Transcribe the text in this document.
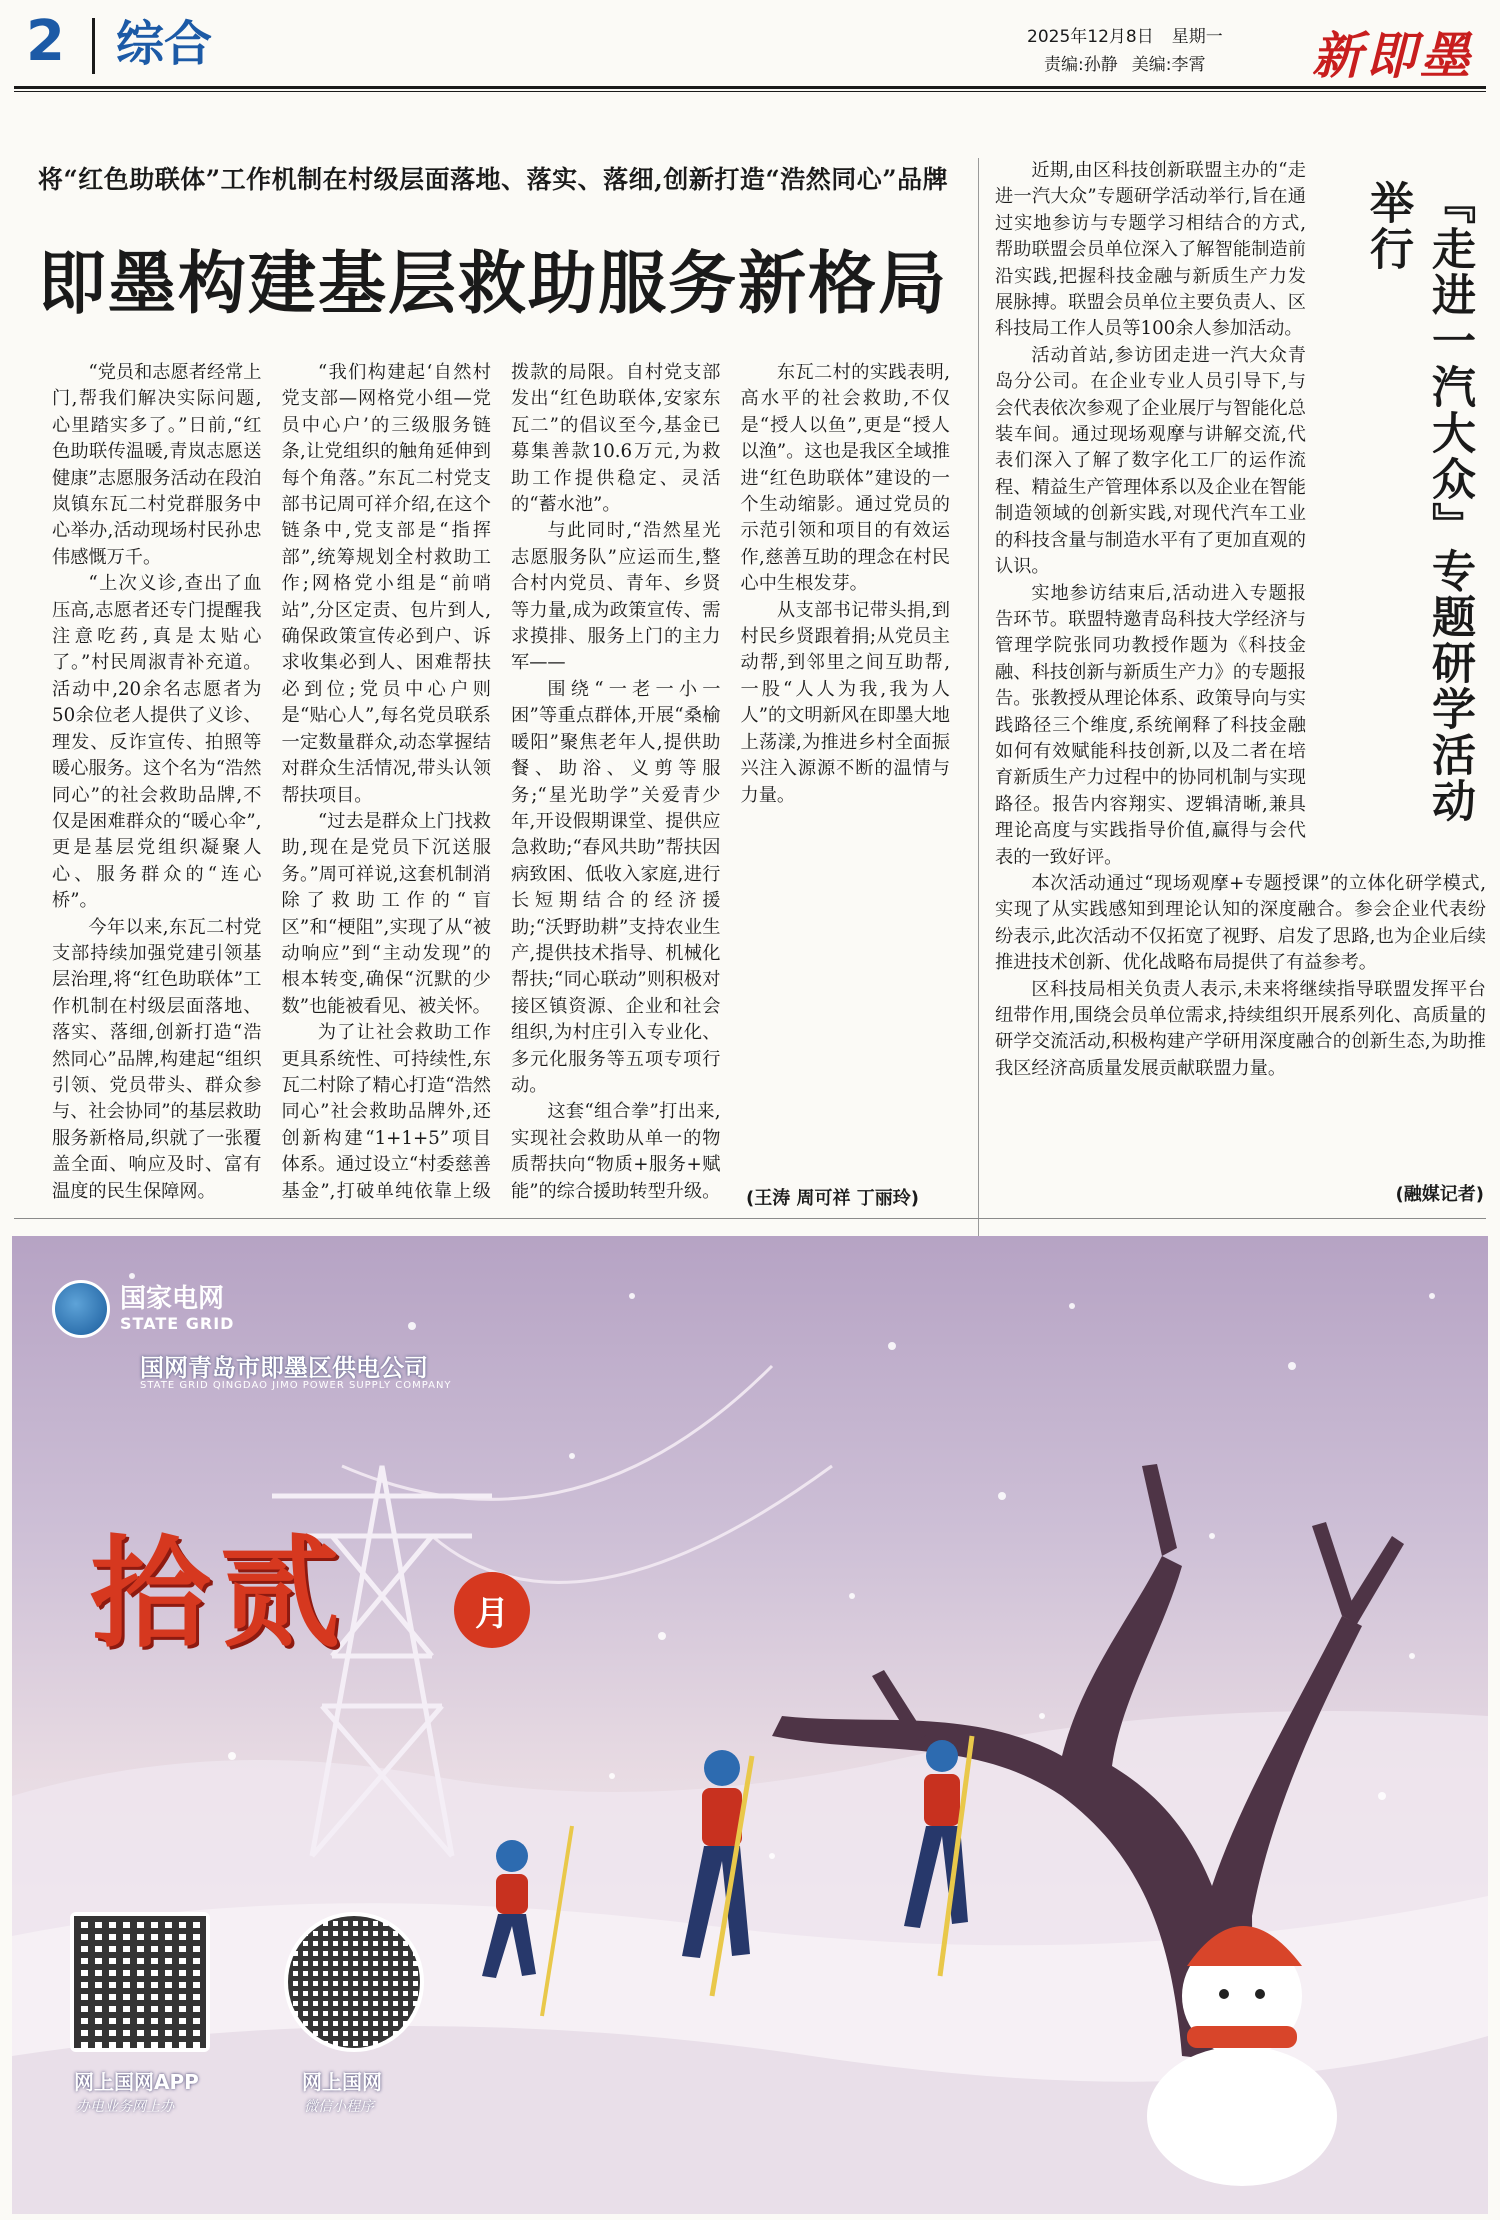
2 综合	2025年12月8日 星期一
责编:孙静 美编:李霄 新即墨
将“红色助联体”工作机制在村级层面落地、落实、落细,创新打造“浩然同心”品牌
即墨构建基层救助服务新格局

“党员和志愿者经常上门,帮我们解决实际问题,心里踏实多了。”日前,“红色助联传温暖,青岚志愿送健康”志愿服务活动在段泊岚镇东瓦二村党群服务中心举办,活动现场村民孙忠伟感慨万千。

“上次义诊,查出了血压高,志愿者还专门提醒我注意吃药,真是太贴心了。”村民周淑青补充道。活动中,20余名志愿者为50余位老人提供了义诊、理发、反诈宣传、拍照等暖心服务。这个名为“浩然同心”的社会救助品牌,不仅是困难群众的“暖心伞”,更是基层党组织凝聚人心、服务群众的“连心桥”。

今年以来,东瓦二村党支部持续加强党建引领基层治理,将“红色助联体”工作机制在村级层面落地、落实、落细,创新打造“浩然同心”品牌,构建起“组织引领、党员带头、群众参与、社会协同”的基层救助服务新格局,织就了一张覆盖全面、响应及时、富有温度的民生保障网。

“我们构建起‘自然村党支部—网格党小组—党员中心户’的三级服务链条,让党组织的触角延伸到每个角落。”东瓦二村党支部书记周可祥介绍,在这个链条中,党支部是“指挥部”,统筹规划全村救助工作;网格党小组是“前哨站”,分区定责、包片到人,确保政策宣传必到户、诉求收集必到人、困难帮扶必到位;党员中心户则是“贴心人”,每名党员联系一定数量群众,动态掌握结对群众生活情况,带头认领帮扶项目。

“过去是群众上门找救助,现在是党员下沉送服务。”周可祥说,这套机制消除了救助工作的“盲区”和“梗阻”,实现了从“被动响应”到“主动发现”的根本转变,确保“沉默的少数”也能被看见、被关怀。

为了让社会救助工作更具系统性、可持续性,东瓦二村除了精心打造“浩然同心”社会救助品牌外,还创新构建“1+1+5”项目体系。通过设立“村委慈善基金”,打破单纯依靠上级拨款的局限。自村党支部发出“红色助联体,安家东瓦二”的倡议至今,基金已募集善款10.6万元,为救助工作提供稳定、灵活的“蓄水池”。

与此同时,“浩然星光志愿服务队”应运而生,整合村内党员、青年、乡贤等力量,成为政策宣传、需求摸排、服务上门的主力军——

围绕“一老一小一困”等重点群体,开展“桑榆暖阳”聚焦老年人,提供助餐、助浴、义剪等服务;“星光助学”关爱青少年,开设假期课堂、提供应急救助;“春风共助”帮扶因病致困、低收入家庭,进行长短期结合的经济援助;“沃野助耕”支持农业生产,提供技术指导、机械化帮扶;“同心联动”则积极对接区镇资源、企业和社会组织,为村庄引入专业化、多元化服务等五项专项行动。

这套“组合拳”打出来,实现社会救助从单一的物质帮扶向“物质+服务+赋能”的综合援助转型升级。

东瓦二村的实践表明,高水平的社会救助,不仅是“授人以鱼”,更是“授人以渔”。这也是我区全域推进“红色助联体”建设的一个生动缩影。通过党员的示范引领和项目的有效运作,慈善互助的理念在村民心中生根发芽。

从支部书记带头捐,到村民乡贤跟着捐;从党员主动帮,到邻里之间互助帮,一股“人人为我,我为人人”的文明新风在即墨大地上荡漾,为推进乡村全面振兴注入源源不断的温情与力量。

(王涛 周可祥 丁丽玲)

近期,由区科技创新联盟主办的“走进一汽大众”专题研学活动举行,旨在通过实地参访与专题学习相结合的方式,帮助联盟会员单位深入了解智能制造前沿实践,把握科技金融与新质生产力发展脉搏。联盟会员单位主要负责人、区科技局工作人员等100余人参加活动。

活动首站,参访团走进一汽大众青岛分公司。在企业专业人员引导下,与会代表依次参观了企业展厅与智能化总装车间。通过现场观摩与讲解交流,代表们深入了解了数字化工厂的运作流程、精益生产管理体系以及企业在智能制造领域的创新实践,对现代汽车工业的科技含量与制造水平有了更加直观的认识。

实地参访结束后,活动进入专题报告环节。联盟特邀青岛科技大学经济与管理学院张同功教授作题为《科技金融、科技创新与新质生产力》的专题报告。张教授从理论体系、政策导向与实践路径三个维度,系统阐释了科技金融如何有效赋能科技创新,以及二者在培育新质生产力过程中的协同机制与实现路径。报告内容翔实、逻辑清晰,兼具理论高度与实践指导价值,赢得与会代表的一致好评。

本次活动通过“现场观摩+专题授课”的立体化研学模式,实现了从实践感知到理论认知的深度融合。参会企业代表纷纷表示,此次活动不仅拓宽了视野、启发了思路,也为企业后续推进技术创新、优化战略布局提供了有益参考。

区科技局相关负责人表示,未来将继续指导联盟发挥平台纽带作用,围绕会员单位需求,持续组织开展系列化、高质量的研学交流活动,积极构建产学研用深度融合的创新生态,为助推我区经济高质量发展贡献联盟力量。

『走进一汽大众』专题研学活动举行
(融媒记者)
国家电网
STATE GRID
国网青岛市即墨区供电公司
STATE GRID QINGDAO JIMO POWER SUPPLY COMPANY
拾贰	月
网上国网APP
办电业务网上办
网上国网
微信小程序
